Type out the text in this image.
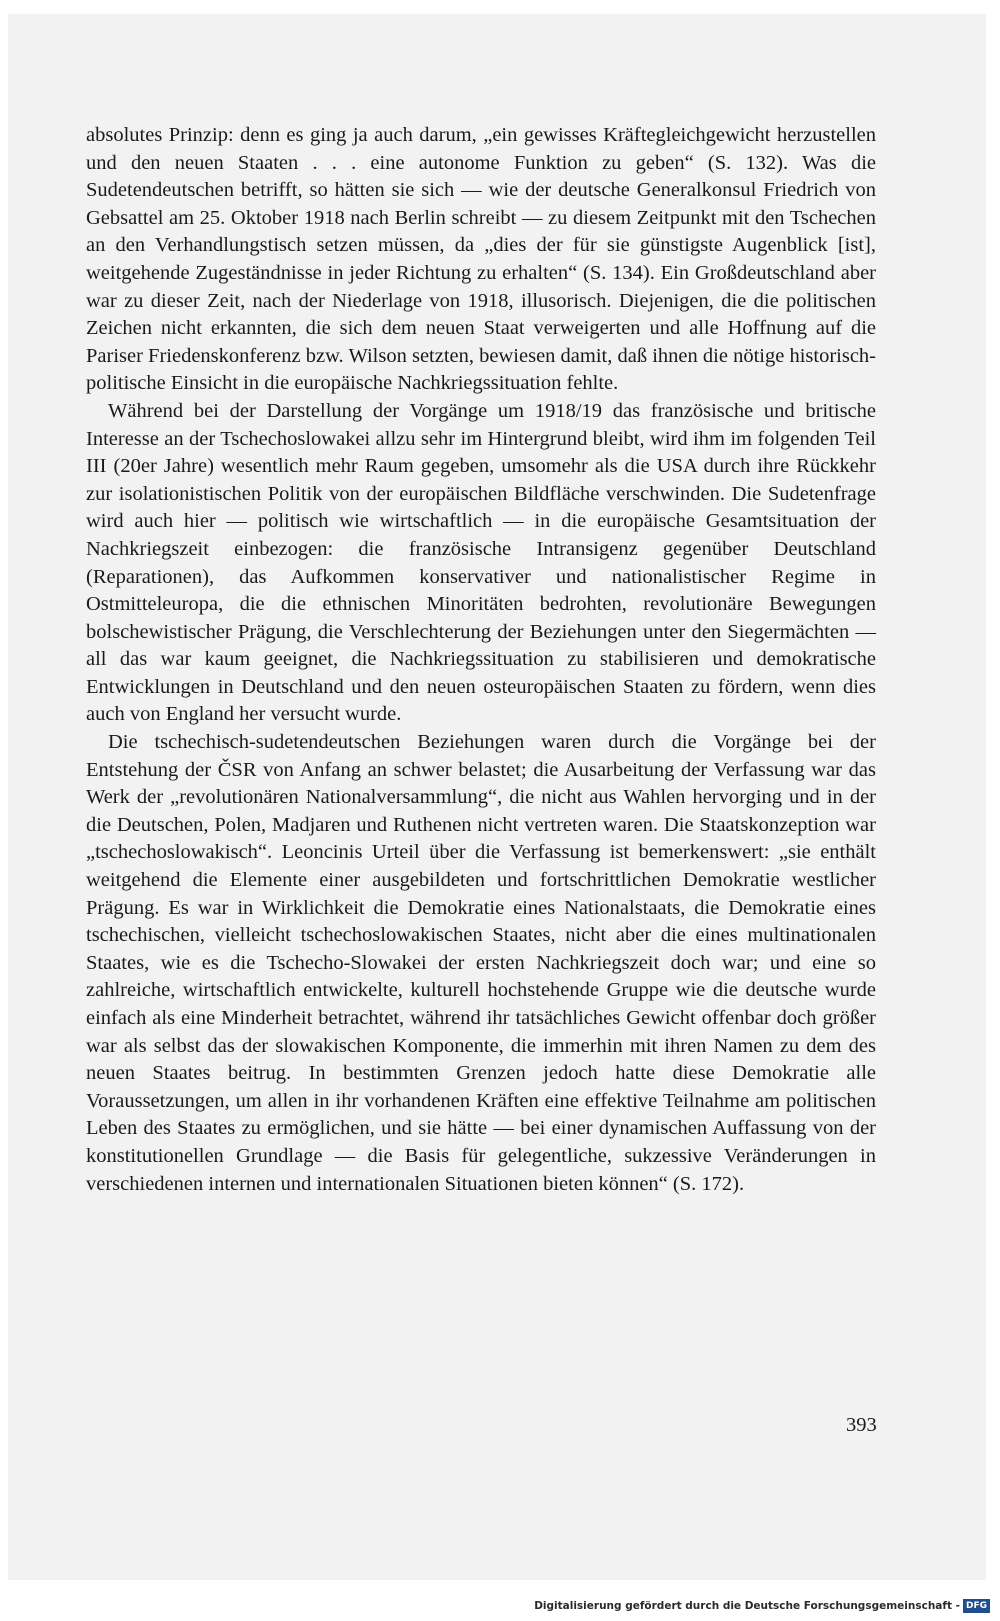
absolutes Prinzip: denn es ging ja auch darum, „ein gewisses Kräftegleichgewicht herzustellen und den neuen Staaten . . . eine autonome Funktion zu geben“ (S. 132). Was die Sudetendeutschen betrifft, so hätten sie sich — wie der deutsche Generalkonsul Friedrich von Gebsattel am 25. Oktober 1918 nach Berlin schreibt — zu diesem Zeitpunkt mit den Tschechen an den Verhandlungstisch setzen müssen, da „dies der für sie günstigste Augenblick [ist], weitgehende Zugeständnisse in jeder Richtung zu erhalten“ (S. 134). Ein Großdeutschland aber war zu dieser Zeit, nach der Niederlage von 1918, illusorisch. Diejenigen, die die politischen Zeichen nicht erkannten, die sich dem neuen Staat verweigerten und alle Hoffnung auf die Pariser Friedenskonferenz bzw. Wilson setzten, bewiesen damit, daß ihnen die nötige historisch-politische Einsicht in die europäische Nachkriegssituation fehlte.

Während bei der Darstellung der Vorgänge um 1918/19 das französische und britische Interesse an der Tschechoslowakei allzu sehr im Hintergrund bleibt, wird ihm im folgenden Teil III (20er Jahre) wesentlich mehr Raum gegeben, umsomehr als die USA durch ihre Rückkehr zur isolationistischen Politik von der europäischen Bildfläche verschwinden. Die Sudetenfrage wird auch hier — politisch wie wirtschaftlich — in die europäische Gesamtsituation der Nachkriegszeit einbezogen: die französische Intransigenz gegenüber Deutschland (Reparationen), das Aufkommen konservativer und nationalistischer Regime in Ostmitteleuropa, die die ethnischen Minoritäten bedrohten, revolutionäre Bewegungen bolschewistischer Prägung, die Verschlechterung der Beziehungen unter den Siegermächten — all das war kaum geeignet, die Nachkriegssituation zu stabilisieren und demokratische Entwicklungen in Deutschland und den neuen osteuropäischen Staaten zu fördern, wenn dies auch von England her versucht wurde.

Die tschechisch-sudetendeutschen Beziehungen waren durch die Vorgänge bei der Entstehung der ČSR von Anfang an schwer belastet; die Ausarbeitung der Verfassung war das Werk der „revolutionären Nationalversammlung“, die nicht aus Wahlen hervorging und in der die Deutschen, Polen, Madjaren und Ruthenen nicht vertreten waren. Die Staatskonzeption war „tschechoslowakisch“. Leoncinis Urteil über die Verfassung ist bemerkenswert: „sie enthält weitgehend die Elemente einer ausgebildeten und fortschrittlichen Demokratie westlicher Prägung. Es war in Wirklichkeit die Demokratie eines Nationalstaats, die Demokratie eines tschechischen, vielleicht tschechoslowakischen Staates, nicht aber die eines multinationalen Staates, wie es die Tschecho-Slowakei der ersten Nachkriegszeit doch war; und eine so zahlreiche, wirtschaftlich entwickelte, kulturell hochstehende Gruppe wie die deutsche wurde einfach als eine Minderheit betrachtet, während ihr tatsächliches Gewicht offenbar doch größer war als selbst das der slowakischen Komponente, die immerhin mit ihren Namen zu dem des neuen Staates beitrug. In bestimmten Grenzen jedoch hatte diese Demokratie alle Voraussetzungen, um allen in ihr vorhandenen Kräften eine effektive Teilnahme am politischen Leben des Staates zu ermöglichen, und sie hätte — bei einer dynamischen Auffassung von der konstitutionellen Grundlage — die Basis für gelegentliche, sukzessive Veränderungen in verschiedenen internen und internationalen Situationen bieten können“ (S. 172).

393
Digitalisierung gefördert durch die Deutsche Forschungsgemeinschaft - DFG
